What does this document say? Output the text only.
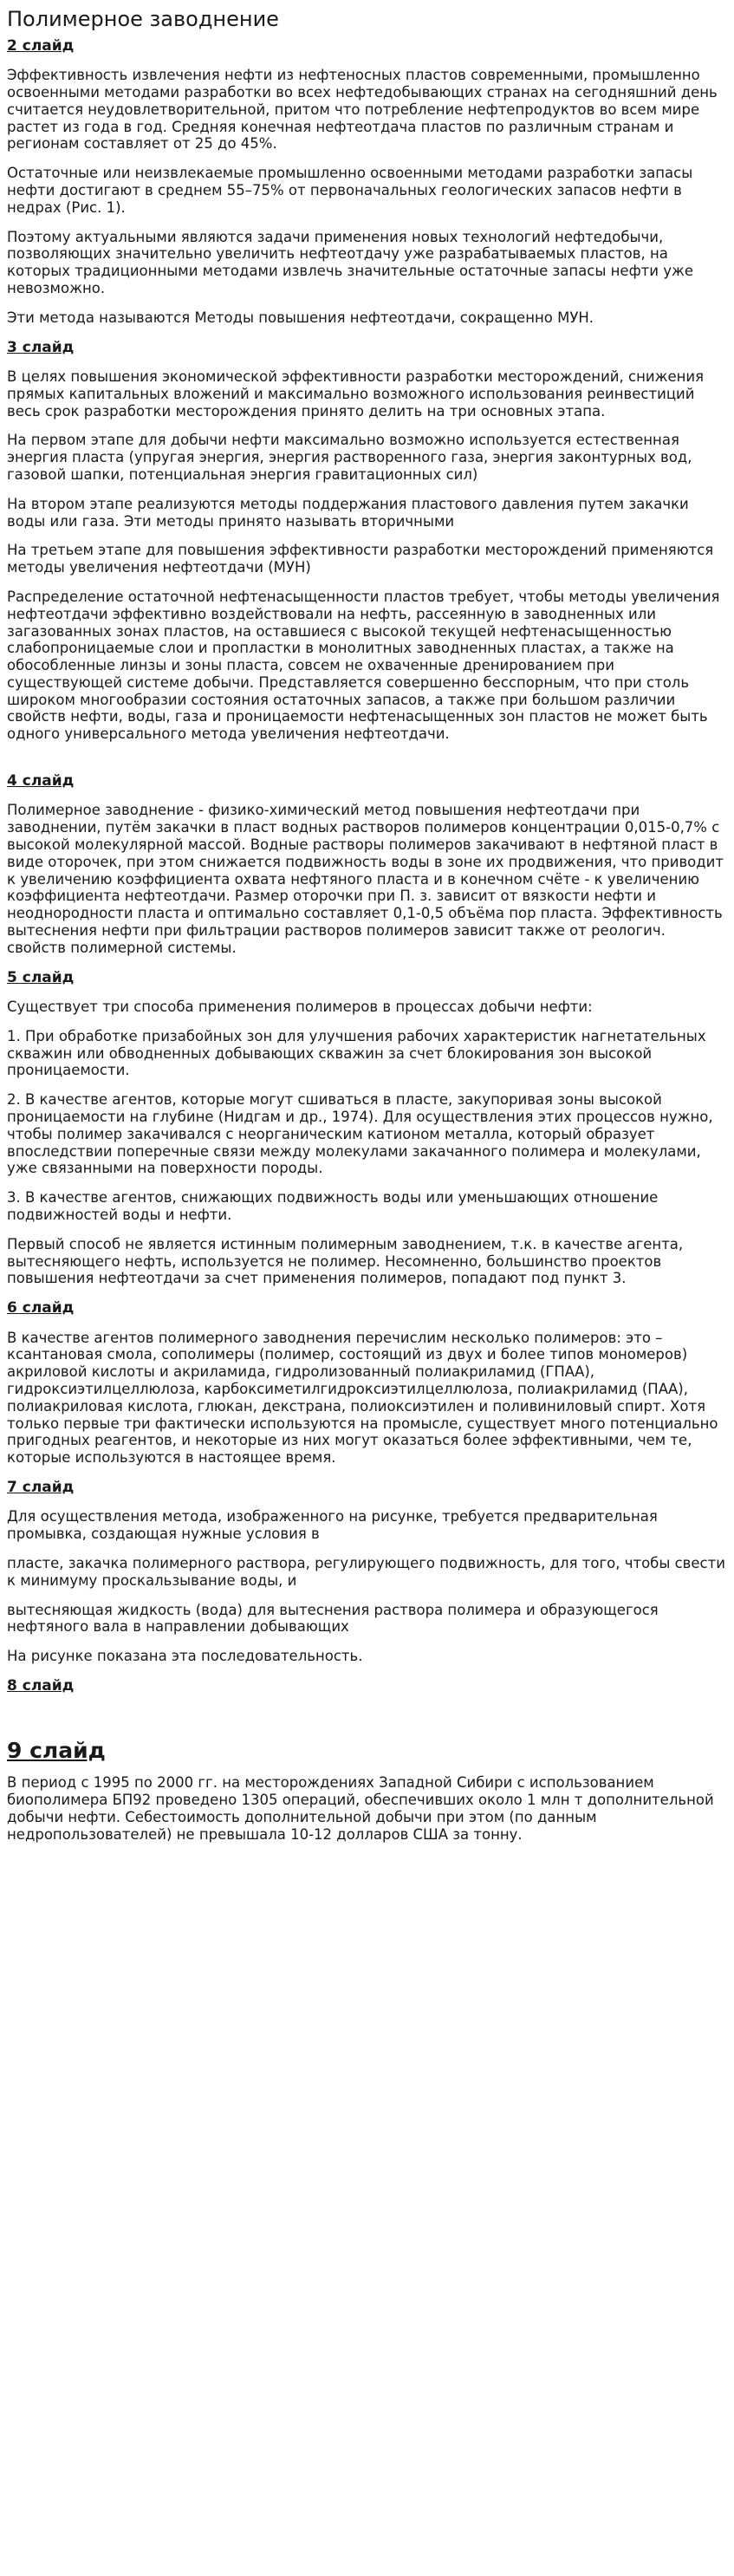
Полимерное заводнение
2 слайд

Эффективность извлечения нефти из нефтеносных пластов современными, промышленно освоенными методами разработки во всех нефтедобывающих странах на сегодняшний день считается неудовлетворительной, притом что потребление нефтепродуктов во всем мире растет из года в год. Средняя конечная нефтеотдача пластов по различным странам и регионам составляет от 25 до 45%.

Остаточные или неизвлекаемые промышленно освоенными методами разработки запасы нефти достигают в среднем 55–75% от первоначальных геологических запасов нефти в недрах (Рис. 1).

Поэтому актуальными являются задачи применения новых технологий нефтедобычи, позволяющих значительно увеличить нефтеотдачу уже разрабатываемых пластов, на которых традиционными методами извлечь значительные остаточные запасы нефти уже невозможно.

Эти метода называются Методы повышения нефтеотдачи, сокращенно МУН.

3 слайд

В целях повышения экономической эффективности разработки месторождений, снижения прямых капитальных вложений и максимально возможного использования реинвестиций весь срок разработки месторождения принято делить на три основных этапа.

На первом этапе для добычи нефти максимально возможно используется естественная энергия пласта (упругая энергия, энергия растворенного газа, энергия законтурных вод, газовой шапки, потенциальная энергия гравитационных сил)

На втором этапе реализуются методы поддержания пластового давления путем закачки воды или газа. Эти методы принято называть вторичными

На третьем этапе для повышения эффективности разработки месторождений применяются методы увеличения нефтеотдачи (МУН)

Распределение остаточной нефтенасыщенности пластов требует, чтобы методы увеличения нефтеотдачи эффективно воздействовали на нефть, рассеянную в заводненных или загазованных зонах пластов, на оставшиеся с высокой текущей нефтенасыщенностью слабопроницаемые слои и пропластки в монолитных заводненных пластах, а также на обособленные линзы и зоны пласта, совсем не охваченные дренированием при существующей системе добычи. Представляется совершенно бесспорным, что при столь широком многообразии состояния остаточных запасов, а также при большом различии свойств нефти, воды, газа и проницаемости нефтенасыщенных зон пластов не может быть одного универсального метода увеличения нефтеотдачи.

4 слайд

Полимерное заводнение - физико-химический метод повышения нефтеотдачи при заводнении, путём закачки в пласт водных растворов полимеров концентрации 0,015-0,7% с высокой молекулярной массой. Водные растворы полимеров закачивают в нефтяной пласт в виде оторочек, при этом снижается подвижность воды в зоне их продвижения, что приводит к увеличению коэффициента охвата нефтяного пласта и в конечном счёте - к увеличению коэффициента нефтеотдачи. Размер оторочки при П. з. зависит от вязкости нефти и неоднородности пласта и оптимально составляет 0,1-0,5 объёма пор пласта. Эффективность вытеснения нефти при фильтрации растворов полимеров зависит также от реологич. свойств полимерной системы.

5 слайд

Существует три способа применения полимеров в процессах добычи нефти:

1. При обработке призабойных зон для улучшения рабочих характеристик нагнетательных скважин или обводненных добывающих скважин за счет блокирования зон высокой проницаемости.

2. В качестве агентов, которые могут сшиваться в пласте, закупоривая зоны высокой проницаемости на глубине (Нидгам и др., 1974). Для осуществления этих процессов нужно, чтобы полимер закачивался с неорганическим катионом металла, который образует впоследствии поперечные связи между молекулами закачанного полимера и молекулами, уже связанными на поверхности породы.

3. В качестве агентов, снижающих подвижность воды или уменьшающих отношение подвижностей воды и нефти.

Первый способ не является истинным полимерным заводнением, т.к. в качестве агента, вытесняющего нефть, используется не полимер. Несомненно, большинство проектов повышения нефтеотдачи за счет применения полимеров, попадают под пункт 3.

6 слайд

В качестве агентов полимерного заводнения перечислим несколько полимеров: это – ксантановая смола, сополимеры (полимер, состоящий из двух и более типов мономеров) акриловой кислоты и акриламида, гидролизованный полиакриламид (ГПАА), гидроксиэтилцеллюлоза, карбоксиметилгидроксиэтилцеллюлоза, полиакриламид (ПАА), полиакриловая кислота, глюкан, декстрана, полиоксиэтилен и поливиниловый спирт. Хотя только первые три фактически используются на промысле, существует много потенциально пригодных реагентов, и некоторые из них могут оказаться более эффективными, чем те, которые используются в настоящее время.

7 слайд

Для осуществления метода, изображенного на рисунке, требуется предварительная промывка, создающая нужные условия в

пласте, закачка полимерного раствора, регулирующего подвижность, для того, чтобы свести к минимуму проскальзывание воды, и

вытесняющая жидкость (вода) для вытеснения раствора полимера и образующегося нефтяного вала в направлении добывающих

На рисунке показана эта последовательность.

8 слайд
9 слайд

В период с 1995 по 2000 гг. на месторождениях Западной Сибири с использованием биополимера БП92 проведено 1305 операций, обеспечивших около 1 млн т дополнительной добычи нефти. Себестоимость дополнительной добычи при этом (по данным недропользователей) не превышала 10-12 долларов США за тонну.
